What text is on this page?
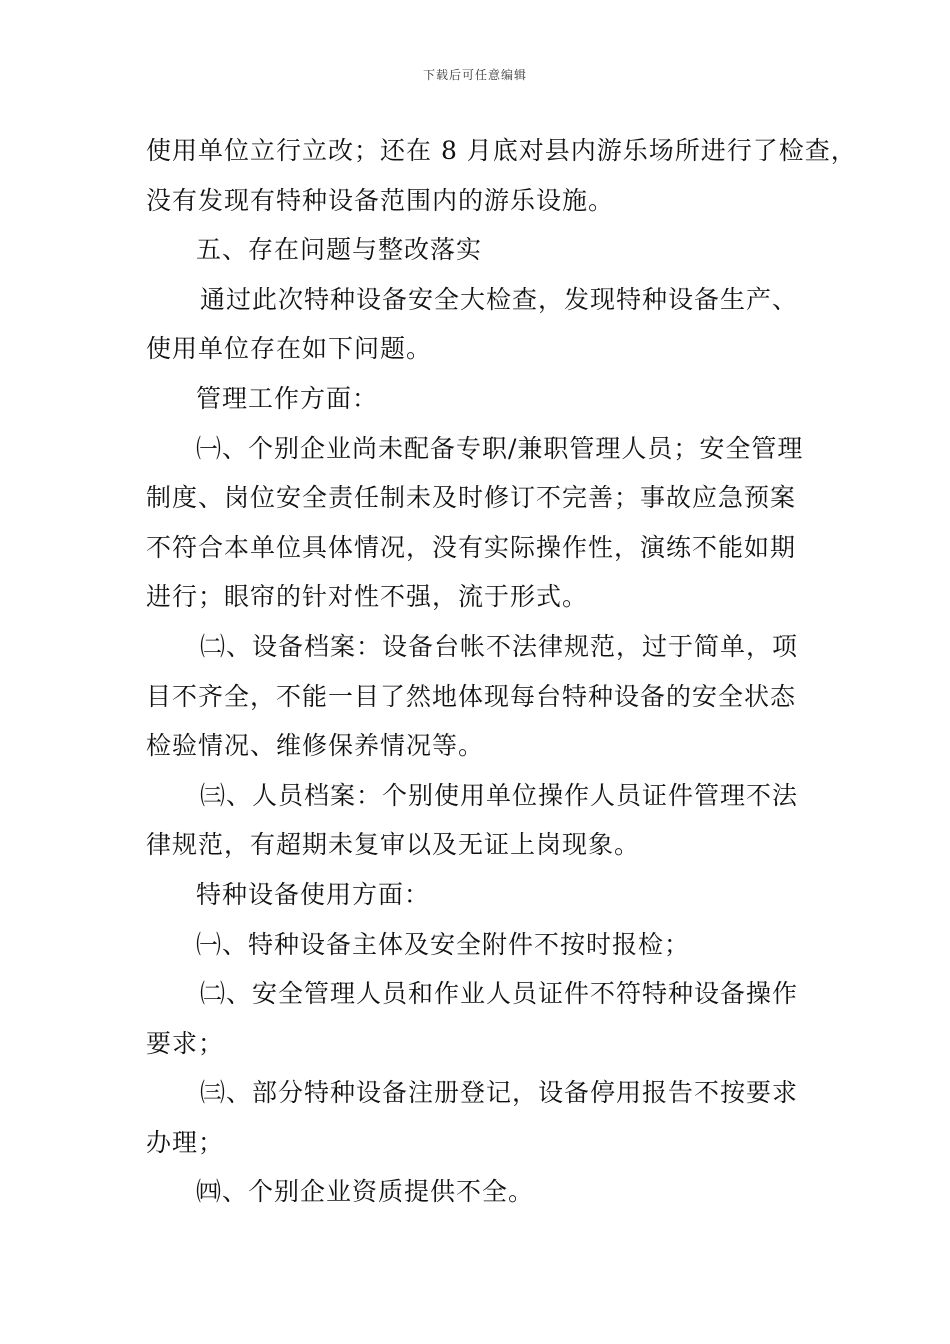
下载后可任意编辑
使用单位立行立改；还在 8 月底对县内游乐场所进行了检查，
没有发现有特种设备范围内的游乐设施。
五、存在问题与整改落实
通过此次特种设备安全大检查，发现特种设备生产、
使用单位存在如下问题。
管理工作方面：
㈠、个别企业尚未配备专职/兼职管理人员；安全管理
制度、岗位安全责任制未及时修订不完善；事故应急预案
不符合本单位具体情况，没有实际操作性，演练不能如期
进行；眼帘的针对性不强，流于形式。
㈡、设备档案：设备台帐不法律规范，过于简单，项
目不齐全，不能一目了然地体现每台特种设备的安全状态
检验情况、维修保养情况等。
㈢、人员档案：个别使用单位操作人员证件管理不法
律规范，有超期未复审以及无证上岗现象。
特种设备使用方面：
㈠、特种设备主体及安全附件不按时报检；
㈡、安全管理人员和作业人员证件不符特种设备操作
要求；
㈢、部分特种设备注册登记，设备停用报告不按要求
办理；
㈣、个别企业资质提供不全。
